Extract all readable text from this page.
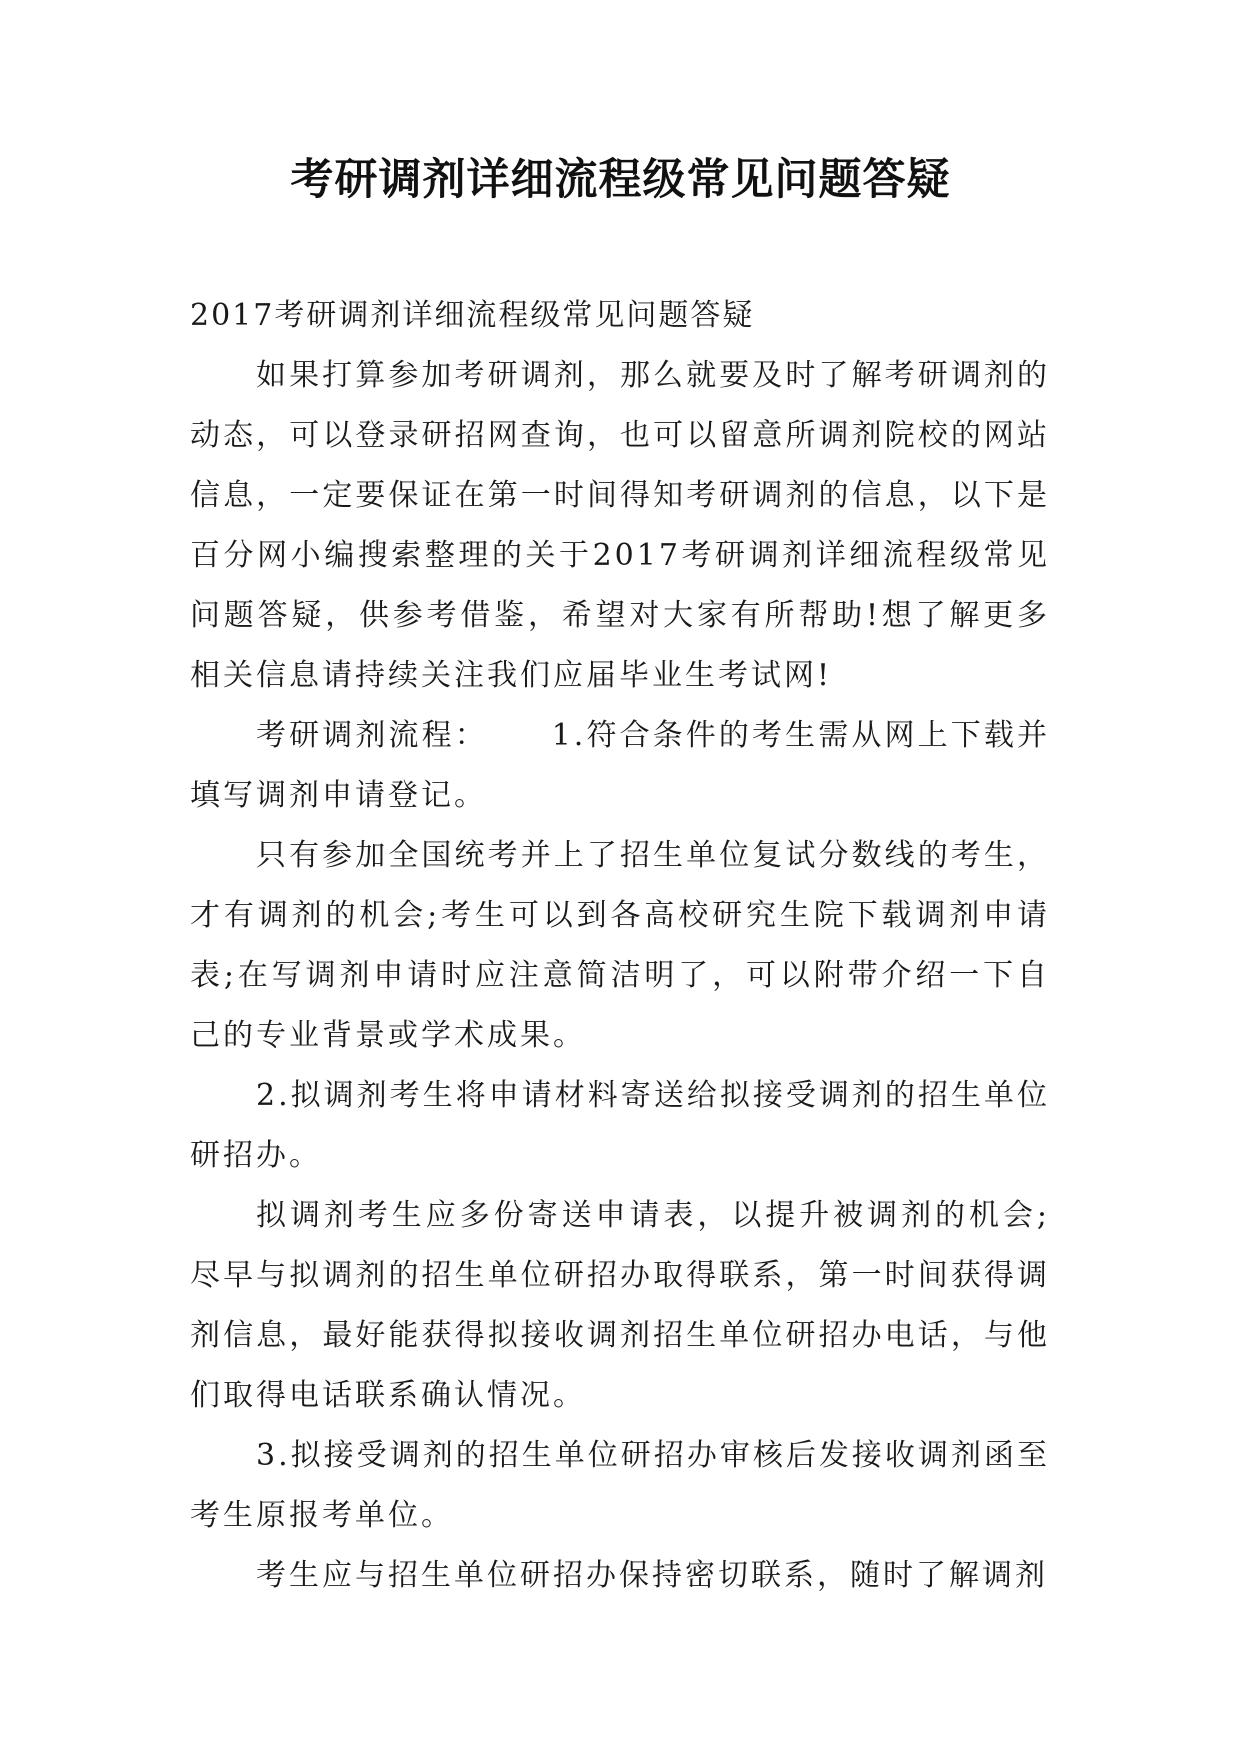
考研调剂详细流程级常见问题答疑

2017考研调剂详细流程级常见问题答疑

如果打算参加考研调剂，那么就要及时了解考研调剂的动态，可以登录研招网查询，也可以留意所调剂院校的网站信息，一定要保证在第一时间得知考研调剂的信息，以下是百分网小编搜索整理的关于2017考研调剂详细流程级常见问题答疑，供参考借鉴，希望对大家有所帮助!想了解更多相关信息请持续关注我们应届毕业生考试网!

考研调剂流程：　　 1.符合条件的考生需从网上下载并填写调剂申请登记。

只有参加全国统考并上了招生单位复试分数线的考生，才有调剂的机会;考生可以到各高校研究生院下载调剂申请表;在写调剂申请时应注意简洁明了，可以附带介绍一下自己的专业背景或学术成果。

2.拟调剂考生将申请材料寄送给拟接受调剂的招生单位研招办。

拟调剂考生应多份寄送申请表，以提升被调剂的机会;尽早与拟调剂的招生单位研招办取得联系，第一时间获得调剂信息，最好能获得拟接收调剂招生单位研招办电话，与他们取得电话联系确认情况。

3.拟接受调剂的招生单位研招办审核后发接收调剂函至考生原报考单位。

考生应与招生单位研招办保持密切联系，随时了解调剂
